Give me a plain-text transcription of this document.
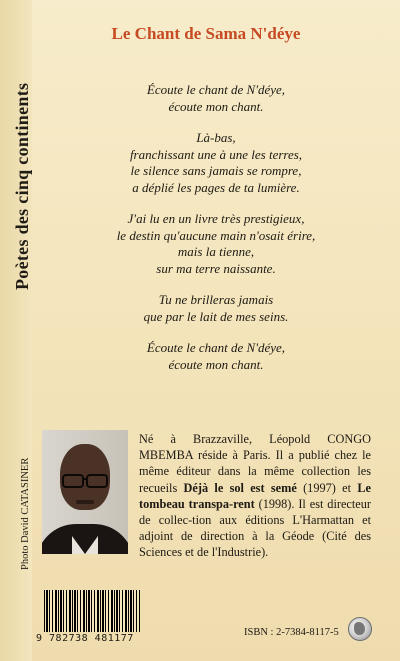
Poètes des cinq continents
Le Chant de Sama N'déye
Écoute le chant de N'déye,
écoute mon chant.
Là-bas,
franchissant une à une les terres,
le silence sans jamais se rompre,
a déplié les pages de ta lumière.
J'ai lu en un livre très prestigieux,
le destin qu'aucune main n'osait érire,
mais la tienne,
sur ma terre naissante.
Tu ne brilleras jamais
que par le lait de mes seins.
Écoute le chant de N'déye,
écoute mon chant.
Photo David CATASINER
Né à Brazzaville, Léopold CONGO MBEMBA réside à Paris. Il a publié chez le même éditeur dans la même collection les recueils Déjà le sol est semé (1997) et Le tombeau transpa-rent (1998). Il est directeur de collec-tion aux éditions L'Harmattan et adjoint de direction à la Géode (Cité des Sciences et de l'Industrie).
9 782738 481177
ISBN : 2-7384-8117-5
